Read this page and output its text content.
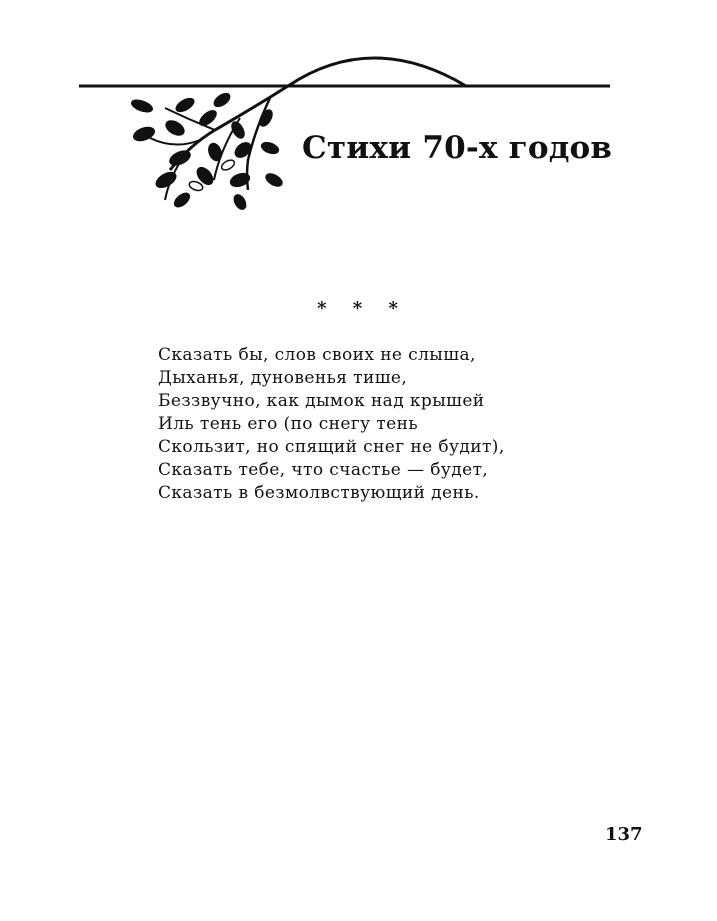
Стихи 70-х годов
* * *
Сказать бы, слов своих не слыша,
Дыханья, дуновенья тише,
Беззвучно, как дымок над крышей
Иль тень его (по снегу тень
Скользит, но спящий снег не будит),
Сказать тебе, что счастье — будет,
Сказать в безмолвствующий день.
137
